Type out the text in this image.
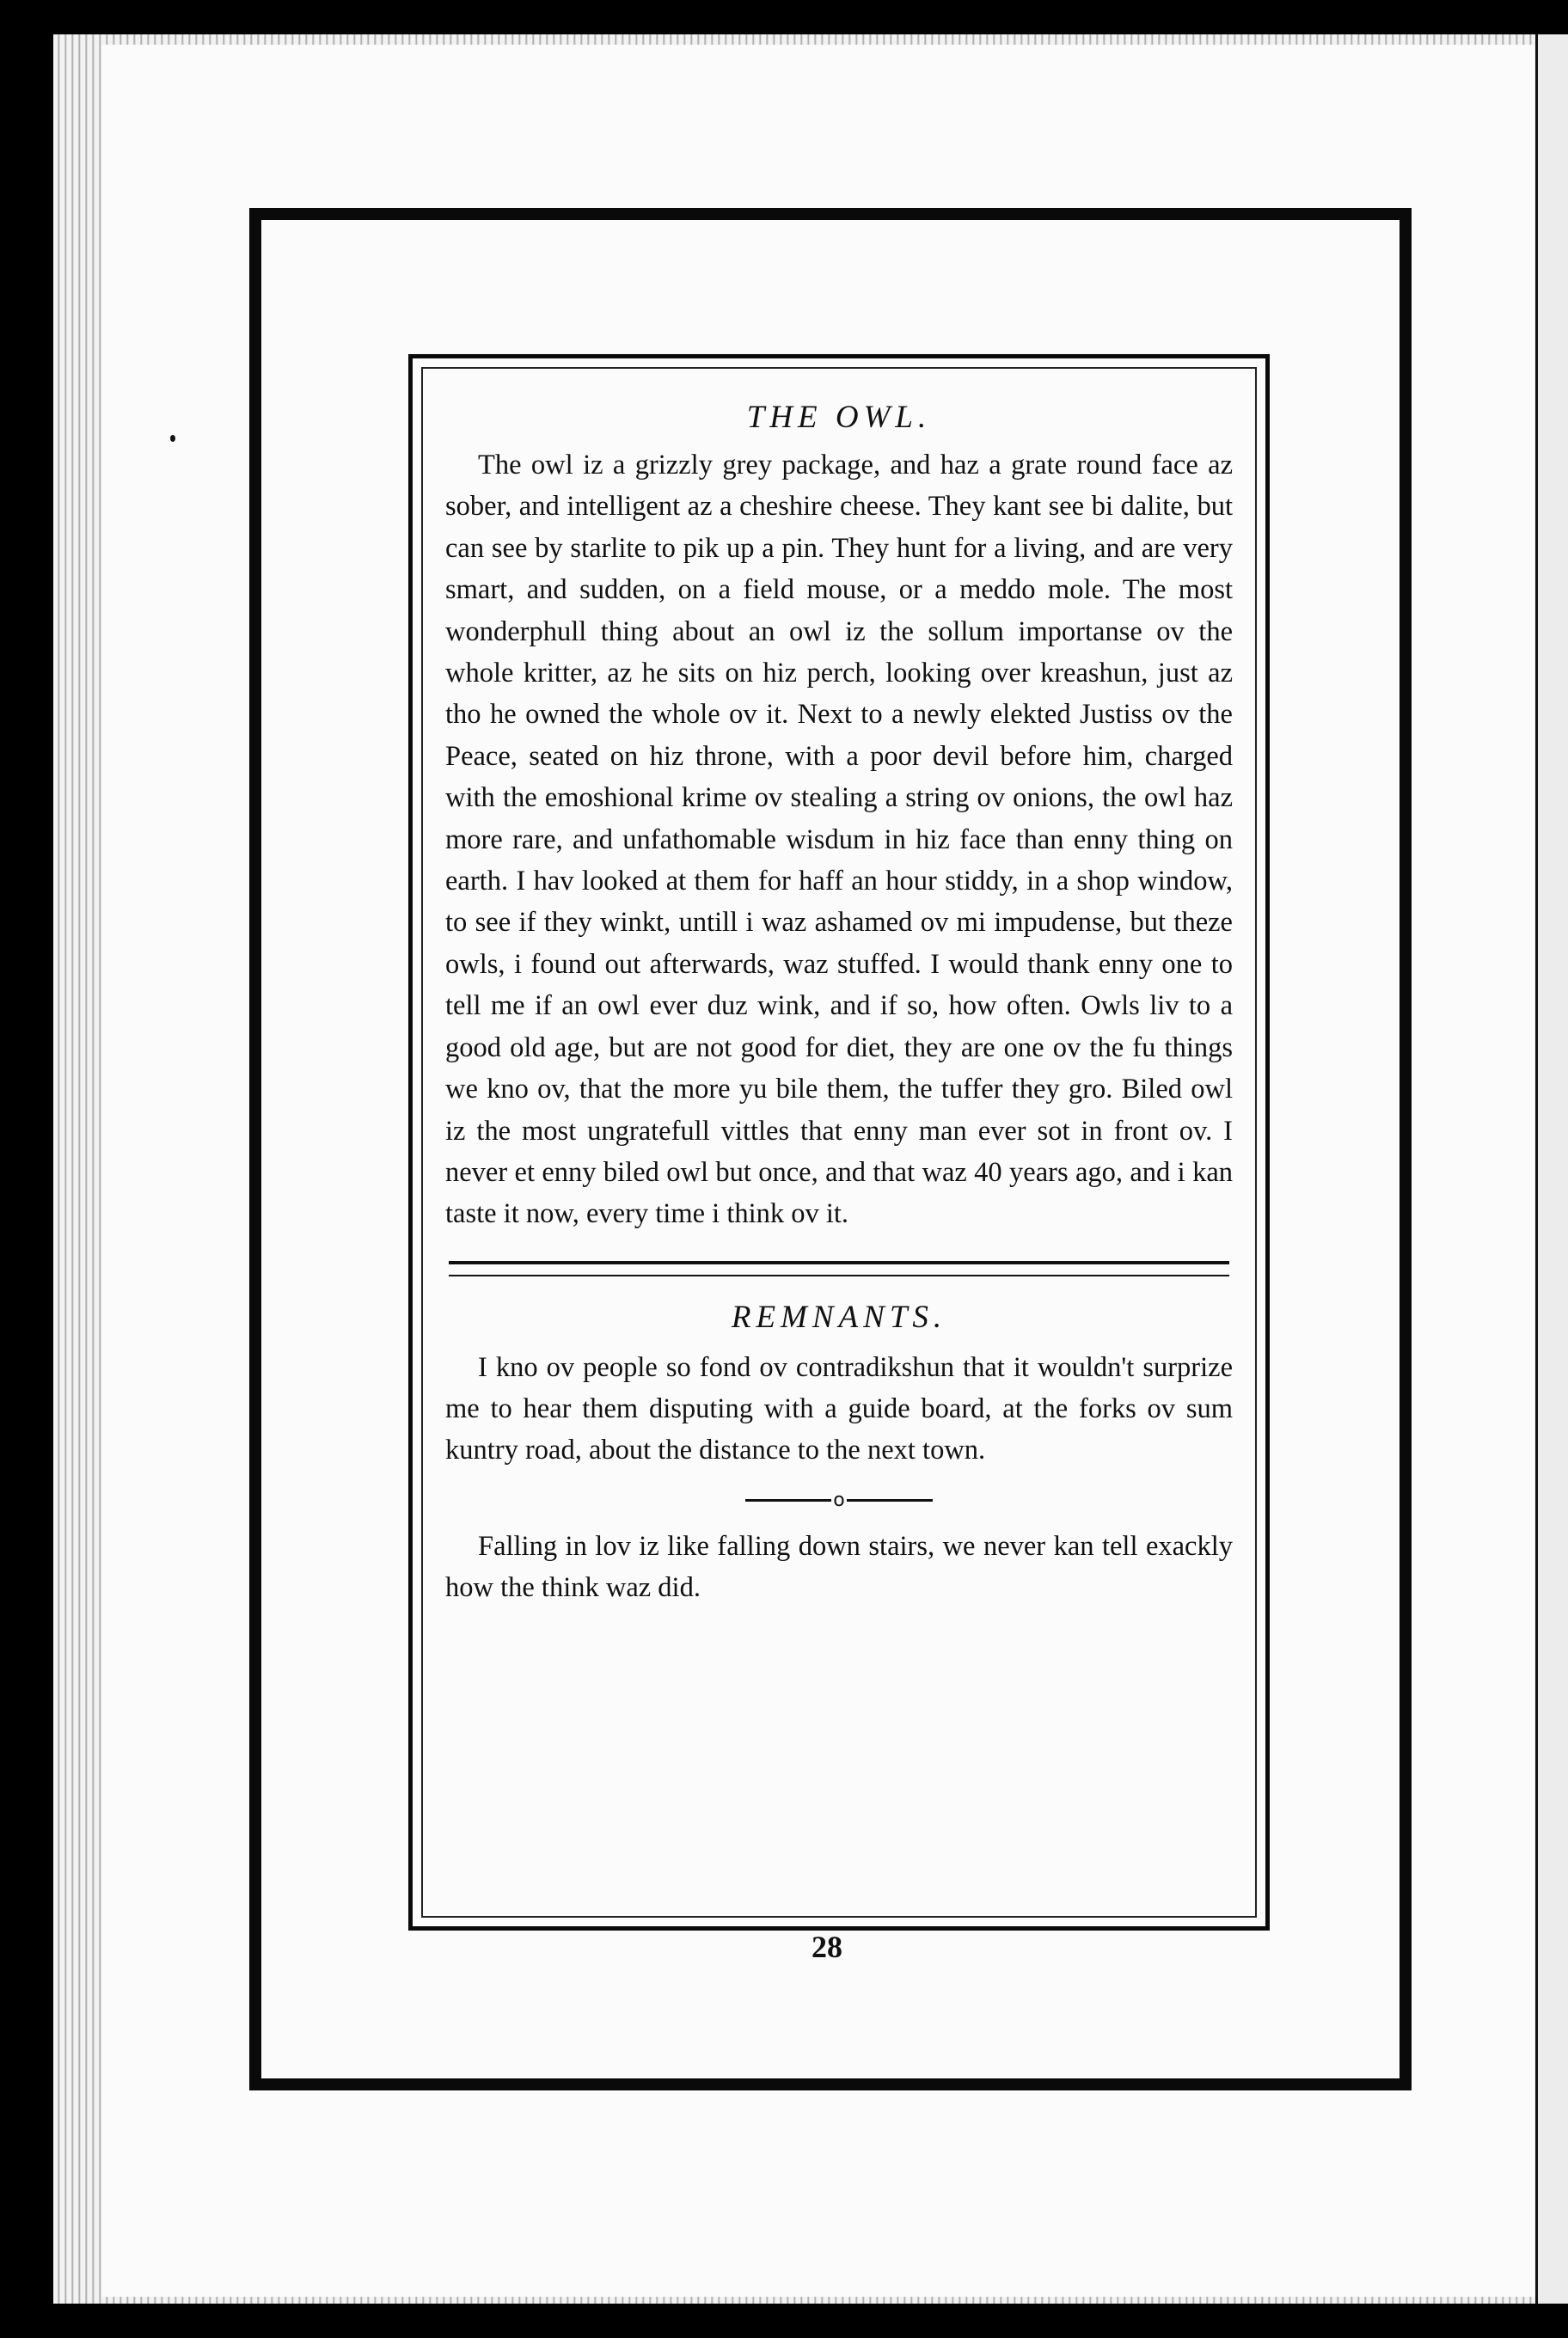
THE OWL.

The owl iz a grizzly grey package, and haz a grate round face az sober, and intelligent az a cheshire cheese. They kant see bi dalite, but can see by starlite to pik up a pin. They hunt for a living, and are very smart, and sudden, on a field mouse, or a meddo mole. The most wonderphull thing about an owl iz the sollum importanse ov the whole kritter, az he sits on hiz perch, looking over kreashun, just az tho he owned the whole ov it. Next to a newly elekted Justiss ov the Peace, seated on hiz throne, with a poor devil before him, charged with the emoshional krime ov stealing a string ov onions, the owl haz more rare, and unfathomable wisdum in hiz face than enny thing on earth. I hav looked at them for haff an hour stiddy, in a shop window, to see if they winkt, untill i waz ashamed ov mi impudense, but theze owls, i found out afterwards, waz stuffed. I would thank enny one to tell me if an owl ever duz wink, and if so, how often. Owls liv to a good old age, but are not good for diet, they are one ov the fu things we kno ov, that the more yu bile them, the tuffer they gro. Biled owl iz the most ungratefull vittles that enny man ever sot in front ov. I never et enny biled owl but once, and that waz 40 years ago, and i kan taste it now, every time i think ov it.

REMNANTS.

I kno ov people so fond ov contradikshun that it wouldn't surprize me to hear them disputing with a guide board, at the forks ov sum kuntry road, about the distance to the next town.

o

Falling in lov iz like falling down stairs, we never kan tell exackly how the think waz did.

28
